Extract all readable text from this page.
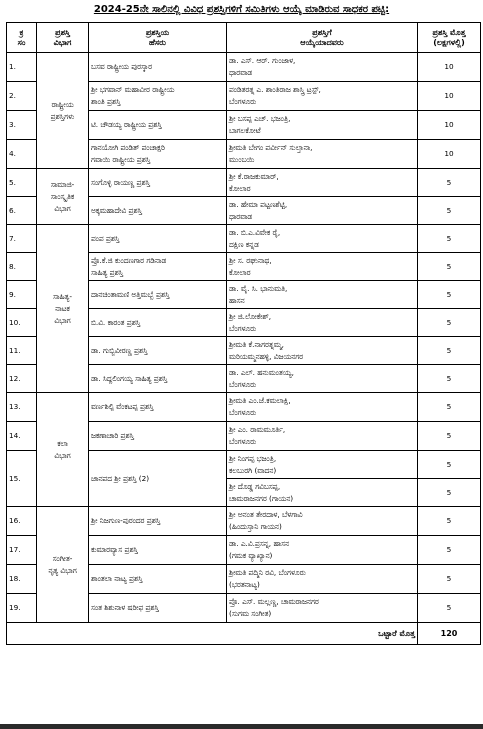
2024-25ನೇ ಸಾಲಿನಲ್ಲಿ ವಿವಿಧ ಪ್ರಶಸ್ತಿಗಳಿಗೆ ಸಮಿತಿಗಳು ಆಯ್ಕೆ ಮಾಡಿರುವ ಸಾಧಕರ ಪಟ್ಟಿ:
ಕ್ರ
ಸಂ	ಪ್ರಶಸ್ತಿ
ವಿಭಾಗ	ಪ್ರಶಸ್ತಿಯ
ಹೆಸರು	ಪ್ರಶಸ್ತಿಗೆ
ಆಯ್ಕೆಯಾದವರು	ಪ್ರಶಸ್ತಿ ಮೊತ್ತ
(ಲಕ್ಷಗಳಲ್ಲಿ)

1.	ರಾಷ್ಟ್ರೀಯ
ಪ್ರಶಸ್ತಿಗಳು	ಬಸವ ರಾಷ್ಟ್ರೀಯ ಪುರಸ್ಕಾರ	ಡಾ. ಎಸ್. ಆರ್. ಗುಂಜಾಳ,
ಧಾರವಾಡ	10
2.		ಶ್ರೀ ಭಗವಾನ್ ಮಹಾವೀರ ರಾಷ್ಟ್ರೀಯ
ಶಾಂತಿ ಪ್ರಶಸ್ತಿ	ಪಂಡಿತರತ್ನ ಎ. ಶಾಂತಿರಾಜ ಶಾಸ್ತ್ರಿ ಟ್ರಸ್ಟ್,
ಬೆಂಗಳೂರು	10
3.		ಟಿ. ಚೌಡಯ್ಯ ರಾಷ್ಟ್ರೀಯ ಪ್ರಶಸ್ತಿ	ಶ್ರೀ ಬಸಪ್ಪ ಎಚ್. ಭಜಂತ್ರಿ,
ಬಾಗಲಕೋಟೆ	10
4.		ಗಾನಯೋಗಿ ಪಂಡಿತ್ ಪಂಚಾಕ್ಷರಿ
ಗವಾಯಿ ರಾಷ್ಟ್ರೀಯ ಪ್ರಶಸ್ತಿ	ಶ್ರೀಮತಿ ಬೇಗಂ ಪರ್ವೀನ್ ಸುಲ್ತಾನಾ,
ಮುಂಬಯಿ	10
5.	ಸಾಮಾಜಿ-
ಸಾಂಸ್ಕೃತಿಕ
ವಿಭಾಗ	ಸಂಗೊಳ್ಳಿ ರಾಯಣ್ಣ ಪ್ರಶಸ್ತಿ	ಶ್ರೀ ಕೆ.ರಾಜಕುಮಾರ್,
ಕೋಲಾರ	5
6.		ಅಕ್ಕಮಹಾದೇವಿ ಪ್ರಶಸ್ತಿ	ಡಾ. ಹೇಮಾ ಪಟ್ಟಣಶೆಟ್ಟಿ,
ಧಾರವಾಡ	5
7.	ಸಾಹಿತ್ಯ-
ನಾಟಕ
ವಿಭಾಗ	ಪಂಪ ಪ್ರಶಸ್ತಿ	ಡಾ. ಬಿ.ಎ.ವಿವೇಕ ರೈ,
ದಕ್ಷಿಣ ಕನ್ನಡ	5
8.		ಪ್ರೊ.ಕೆ.ಜಿ ಕುಂದಣಗಾರ ಗಡಿನಾಡ
ಸಾಹಿತ್ಯ ಪ್ರಶಸ್ತಿ	ಶ್ರೀ ಸ. ರಘುನಾಥ,
ಕೋಲಾರ	5
9.		ದಾನಚಿಂತಾಮಣಿ ಅತ್ತಿಮಬ್ಬೆ ಪ್ರಶಸ್ತಿ	ಡಾ. ವೈ. ಸಿ. ಭಾನುಮತಿ,
ಹಾಸನ	5
10.		ಬಿ.ವಿ. ಕಾರಂತ ಪ್ರಶಸ್ತಿ	ಶ್ರೀ ಜಿ.ಲೋಕೇಶ್,
ಬೆಂಗಳೂರು	5
11.		ಡಾ. ಗುಬ್ಬಿವೀರಣ್ಣ ಪ್ರಶಸ್ತಿ	ಶ್ರೀಮತಿ ಕೆ.ನಾಗರತ್ನಮ್ಮ,
ಮರಿಯಮ್ಮನಹಳ್ಳಿ, ವಿಜಯನಗರ	5
12.		ಡಾ. ಸಿದ್ದಲಿಂಗಯ್ಯ ಸಾಹಿತ್ಯ ಪ್ರಶಸ್ತಿ	ಡಾ. ಎಲ್. ಹನುಮಂತಯ್ಯ,
ಬೆಂಗಳೂರು	5
13.	ಕಲಾ
ವಿಭಾಗ	ವರ್ಣಶಿಲ್ಪಿ ವೆಂಕಟಪ್ಪ ಪ್ರಶಸ್ತಿ	ಶ್ರೀಮತಿ ಎಂ.ಜೆ.ಕಮಲಾಕ್ಷಿ,
ಬೆಂಗಳೂರು	5
14.		ಜಕಣಾಚಾರಿ ಪ್ರಶಸ್ತಿ	ಶ್ರೀ ಎಂ. ರಾಮಮೂರ್ತಿ,
ಬೆಂಗಳೂರು	5
15.		ಜಾನಪದ ಶ್ರೀ ಪ್ರಶಸ್ತಿ (2)	ಶ್ರೀ ನಿಂಗಪ್ಪ ಭಜಂತ್ರಿ,
ಕಲಬುರಗಿ (ವಾದನ)	5

			ಶ್ರೀ ದೊಡ್ಡ ಗವಿಬಸಪ್ಪ,
ಚಾಮರಾಜನಗರ (ಗಾಯನ)	5
16.	ಸಂಗೀತ-
ನೃತ್ಯ ವಿಭಾಗ	ಶ್ರೀ ನಿಜಗುಣ-ಪುರಂದರ ಪ್ರಶಸ್ತಿ	ಶ್ರೀ ಅನಂತ ತೇರದಾಳ, ಬೆಳಗಾವಿ
(ಹಿಂದುಸ್ತಾನಿ ಗಾಯನ)	5
17.		ಕುಮಾರವ್ಯಾಸ ಪ್ರಶಸ್ತಿ	ಡಾ. ಎ.ವಿ.ಪ್ರಸನ್ನ, ಹಾಸನ
(ಗಮಕ ವ್ಯಾಖ್ಯಾನ)	5
18.		ಶಾಂತಲಾ ನಾಟ್ಯ ಪ್ರಶಸ್ತಿ	ಶ್ರೀಮತಿ ಪದ್ಮಿನಿ ರವಿ, ಬೆಂಗಳೂರು
(ಭರತನಾಟ್ಯ)	5
19.		ಸಂತ ಶಿಶುನಾಳ ಷರೀಫ ಪ್ರಶಸ್ತಿ	ಪ್ರೊ. ಎಸ್. ಮಲ್ಲಣ್ಣ, ಚಾಮರಾಜನಗರ
(ಸುಗಮ ಸಂಗೀತ)	5
ಒಟ್ಟಾರೆ ಮೊತ್ತ				120
